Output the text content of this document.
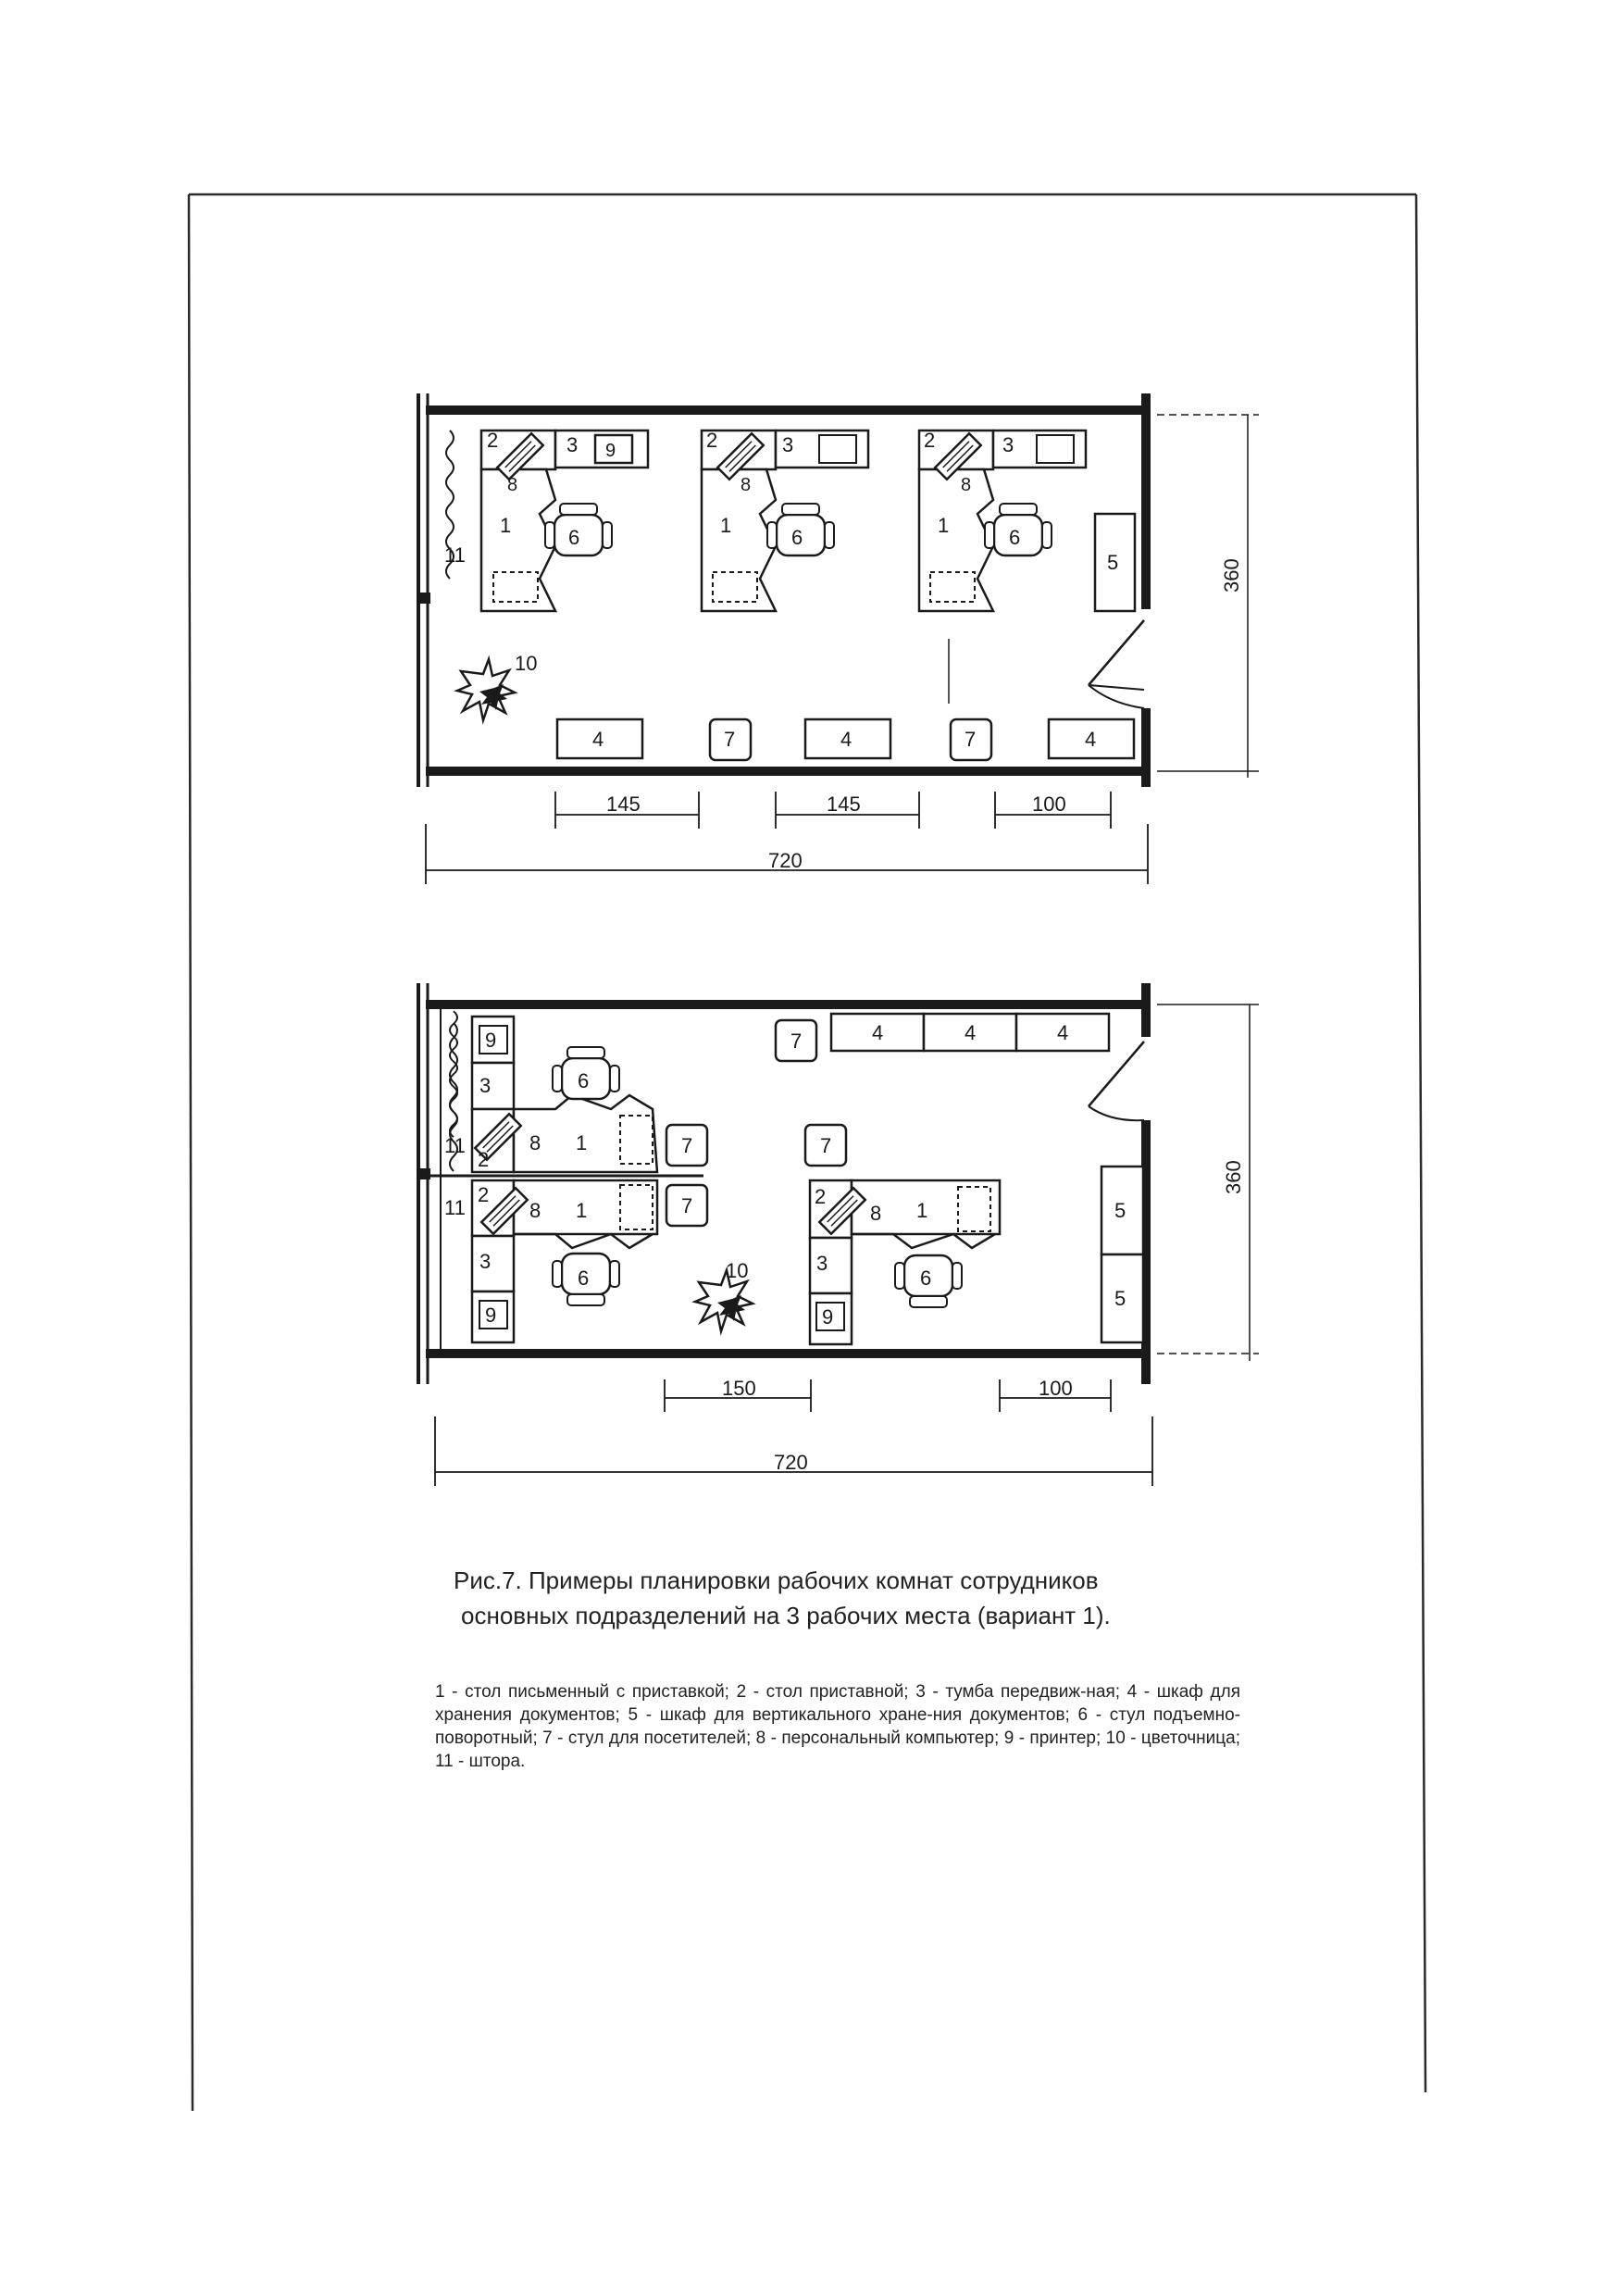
2	3 9
8
1
6
2	3
8
1
6
2	3
8
1
6
5
11
10
4	7	4	7	4
145	145	100
720
360
9
3	6
2
8 1
11
2
11	8 1
3
6
9
7
7
7
7	4	4	4
2
8 1
3
6
9
5
5
10
150	100
720
360
Рис.7. Примеры планировки рабочих комнат сотрудников
основных подразделений на 3 рабочих места (вариант 1).
1 - стол письменный с приставкой; 2 - стол приставной; 3 - тумба передвиж-ная; 4 - шкаф для хранения документов; 5 - шкаф для вертикального хране-ния документов; 6 - стул подъемно-поворотный; 7 - стул для посетителей; 8 - персональный компьютер; 9 - принтер; 10 - цветочница; 11 - штора.
